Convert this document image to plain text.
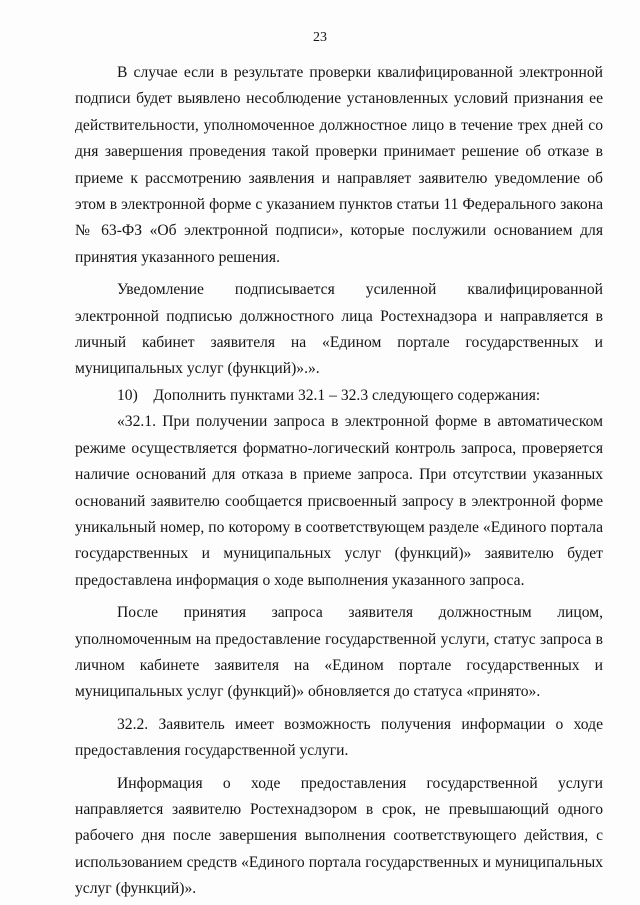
23

В случае если в результате проверки квалифицированной электронной подписи будет выявлено несоблюдение установленных условий признания ее действительности, уполномоченное должностное лицо в течение трех дней со дня завершения проведения такой проверки принимает решение об отказе в приеме к рассмотрению заявления и направляет заявителю уведомление об этом в электронной форме с указанием пунктов статьи 11 Федерального закона № 63-ФЗ «Об электронной подписи», которые послужили основанием для принятия указанного решения.

Уведомление подписывается усиленной квалифицированной электронной подписью должностного лица Ростехнадзора и направляется в личный кабинет заявителя на «Едином портале государственных и муниципальных услуг (функций)».».

10)    Дополнить пунктами 32.1 – 32.3 следующего содержания:

«32.1. При получении запроса в электронной форме в автоматическом режиме осуществляется форматно-логический контроль запроса, проверяется наличие оснований для отказа в приеме запроса. При отсутствии указанных оснований заявителю сообщается присвоенный запросу в электронной форме уникальный номер, по которому в соответствующем разделе «Единого портала государственных и муниципальных услуг (функций)» заявителю будет предоставлена информация о ходе выполнения указанного запроса.

После принятия запроса заявителя должностным лицом, уполномоченным на предоставление государственной услуги, статус запроса в личном кабинете заявителя на «Едином портале государственных и муниципальных услуг (функций)» обновляется до статуса «принято».

32.2. Заявитель имеет возможность получения информации о ходе предоставления государственной услуги.

Информация о ходе предоставления государственной услуги направляется заявителю Ростехнадзором в срок, не превышающий одного рабочего дня после завершения выполнения соответствующего действия, с использованием средств «Единого портала государственных и муниципальных услуг (функций)».
